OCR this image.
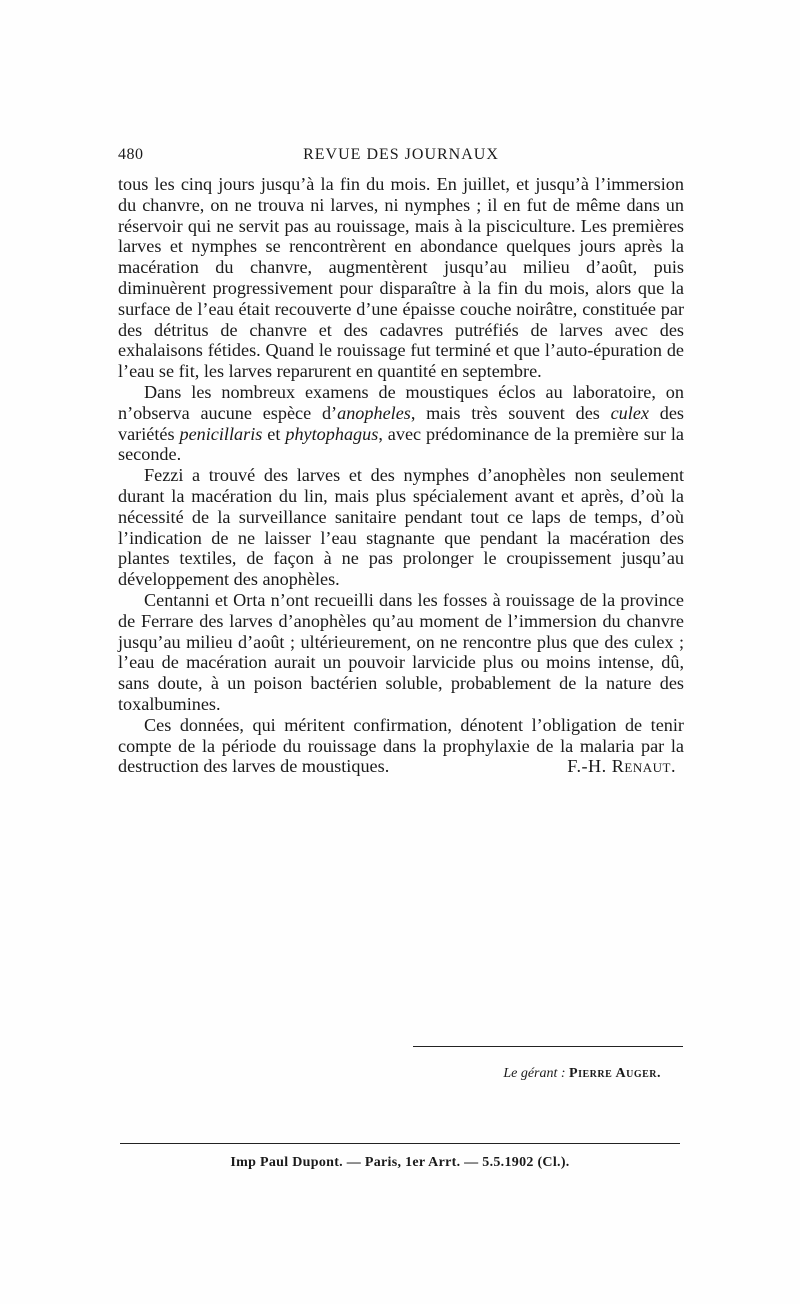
480	REVUE DES JOURNAUX

tous les cinq jours jusqu’à la fin du mois. En juillet, et jusqu’à l’immersion du chanvre, on ne trouva ni larves, ni nymphes ; il en fut de même dans un réservoir qui ne servit pas au rouissage, mais à la pisciculture. Les premières larves et nymphes se rencontrèrent en abondance quelques jours après la macération du chanvre, augmentèrent jusqu’au milieu d’août, puis diminuèrent progressivement pour disparaître à la fin du mois, alors que la surface de l’eau était recouverte d’une épaisse couche noirâtre, constituée par des détritus de chanvre et des cadavres putréfiés de larves avec des exhalaisons fétides. Quand le rouissage fut terminé et que l’auto-épuration de l’eau se fit, les larves reparurent en quantité en septembre.

Dans les nombreux examens de moustiques éclos au laboratoire, on n’observa aucune espèce d’anopheles, mais très souvent des culex des variétés penicillaris et phytophagus, avec prédominance de la première sur la seconde.

Fezzi a trouvé des larves et des nymphes d’anophèles non seulement durant la macération du lin, mais plus spécialement avant et après, d’où la nécessité de la surveillance sanitaire pendant tout ce laps de temps, d’où l’indication de ne laisser l’eau stagnante que pendant la macération des plantes textiles, de façon à ne pas prolonger le croupissement jusqu’au développement des anophèles.

Centanni et Orta n’ont recueilli dans les fosses à rouissage de la province de Ferrare des larves d’anophèles qu’au moment de l’immersion du chanvre jusqu’au milieu d’août ; ultérieurement, on ne rencontre plus que des culex ; l’eau de macération aurait un pouvoir larvicide plus ou moins intense, dû, sans doute, à un poison bactérien soluble, probablement de la nature des toxalbumines.

Ces données, qui méritent confirmation, dénotent l’obligation de tenir compte de la période du rouissage dans la prophylaxie de la malaria par la destruction des larves de moustiques.	F.-H. Renaut.

Le gérant : Pierre Auger.
Imp Paul Dupont. — Paris, 1er Arrt. — 5.5.1902 (Cl.).
